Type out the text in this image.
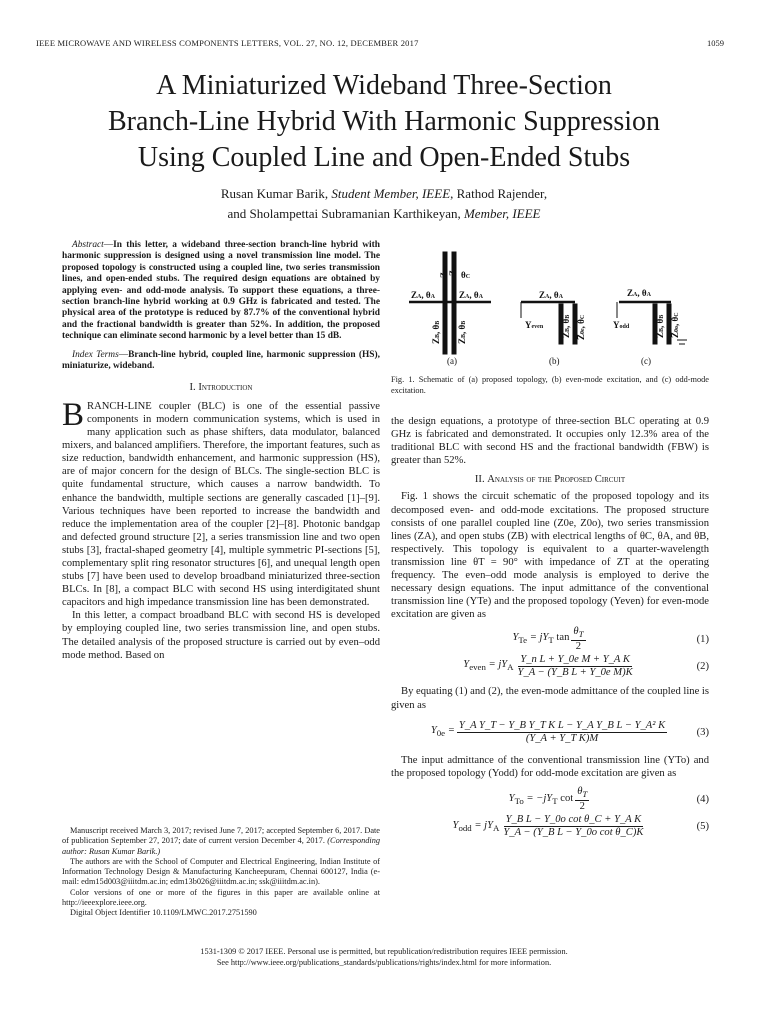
IEEE MICROWAVE AND WIRELESS COMPONENTS LETTERS, VOL. 27, NO. 12, DECEMBER 2017	1059
A Miniaturized Wideband Three-Section
Branch-Line Hybrid With Harmonic Suppression
Using Coupled Line and Open-Ended Stubs
Rusan Kumar Barik, Student Member, IEEE, Rathod Rajender,
and Sholampettai Subramanian Karthikeyan, Member, IEEE

Abstract—In this letter, a wideband three-section branch-line hybrid with harmonic suppression is designed using a novel transmission line model. The proposed topology is constructed using a coupled line, two series transmission lines, and open-ended stubs. The required design equations are obtained by applying even- and odd-mode analysis. To support these equations, a three-section branch-line hybrid working at 0.9 GHz is fabricated and tested. The physical area of the prototype is reduced by 87.7% of the conventional hybrid and the fractional bandwidth is greater than 52%. In addition, the proposed technique can eliminate second harmonic by a level better than 15 dB.

Index Terms—Branch-line hybrid, coupled line, harmonic suppression (HS), miniaturize, wideband.

I. Introduction

BRANCH-LINE coupler (BLC) is one of the essential passive components in modern communication systems, which is used in many application such as phase shifters, data modulator, balanced mixers, and balanced amplifiers. Therefore, the important features, such as size reduction, bandwidth enhancement, and harmonic suppression (HS), are of major concern for the design of BLCs. The single-section BLC is quite fundamental structure, which causes a narrow bandwidth. To enhance the bandwidth, multiple sections are generally cascaded [1]–[9]. Various techniques have been reported to increase the bandwidth and reduce the implementation area of the coupler [2]–[8]. Photonic bandgap and defected ground structure [2], a series transmission line and two open stubs [3], fractal-shaped geometry [4], multiple symmetric PI-sections [5], complementary split ring resonator structures [6], and unequal length open stubs [7] have been used to develop broadband miniaturized three-section BLCs. In [8], a compact BLC with second HS using interdigitated shunt capacitors and high impedance transmission line has been demonstrated.

In this letter, a compact broadband BLC with second HS is developed by employing coupled line, two series transmission line, and open stubs. The detailed analysis of the proposed structure is carried out by even–odd mode method. Based on

Manuscript received March 3, 2017; revised June 7, 2017; accepted September 6, 2017. Date of publication September 27, 2017; date of current version December 4, 2017. (Corresponding author: Rusan Kumar Barik.)

The authors are with the School of Computer and Electrical Engineering, Indian Institute of Information Technology Design & Manufacturing Kancheepuram, Chennai 600127, India (e-mail: edm15d003@iiitdm.ac.in; edm13b026@iiitdm.ac.in; ssk@iiitdm.ac.in).

Color versions of one or more of the figures in this paper are available online at http://ieeexplore.ieee.org.

Digital Object Identifier 10.1109/LMWC.2017.2751590

Z0o
Z0e
θC
ZA, θA	ZA, θA
ZB, θB
ZB, θB
ZA, θA
Yeven
ZB, θB
Z0e, θC
ZA, θA
Yodd
ZB, θB
Z0o, θC
(a)	(b)	(c)
Fig. 1. Schematic of (a) proposed topology, (b) even-mode excitation, and (c) odd-mode excitation.

the design equations, a prototype of three-section BLC operating at 0.9 GHz is fabricated and demonstrated. It occupies only 12.3% area of the traditional BLC with second HS and the fractional bandwidth (FBW) is greater than 52%.

II. Analysis of the Proposed Circuit

Fig. 1 shows the circuit schematic of the proposed topology and its decomposed even- and odd-mode excitations. The proposed structure consists of one parallel coupled line (Z0e, Z0o), two series transmission lines (ZA), and open stubs (ZB) with electrical lengths of θC, θA, and θB, respectively. This topology is equivalent to a quarter-wavelength transmission line θT = 90° with impedance of ZT at the operating frequency. The even–odd mode analysis is employed to derive the necessary design equations. The input admittance of the conventional transmission line (YTe) and the proposed topology (Yeven) for even-mode excitation are given as

$Y_{Te} = jY_T$ $\tan \frac{\theta_T}{2}$	(1)
$Y_{even} = jY_A \frac{\text{Y\_n L + Y\_0e M + Y\_A K}}{\text{Y\_A − (Y\_B L + Y\_0e M)K}}$	(2)

By equating (1) and (2), the even-mode admittance of the coupled line is given as

$Y_{0e} = \frac{\text{Y\_A Y\_T − Y\_B Y\_T K L − Y\_A Y\_B L − Y\_A² K}}{\text{(Y\_A + Y\_T K)M}}$	(3)

The input admittance of the conventional transmission line (YTo) and the proposed topology (Yodd) for odd-mode excitation are given as

$Y_{To} = -jY_T$ $\cot \frac{\theta_T}{2}$	(4)
$Y_{odd} = jY_A \frac{\text{Y\_B L − Y\_0o cot θ\_C + Y\_A K}}{\text{Y\_A − (Y\_B L − Y\_0o cot θ\_C)K}}$	(5)
1531-1309 © 2017 IEEE. Personal use is permitted, but republication/redistribution requires IEEE permission.
See http://www.ieee.org/publications_standards/publications/rights/index.html for more information.
